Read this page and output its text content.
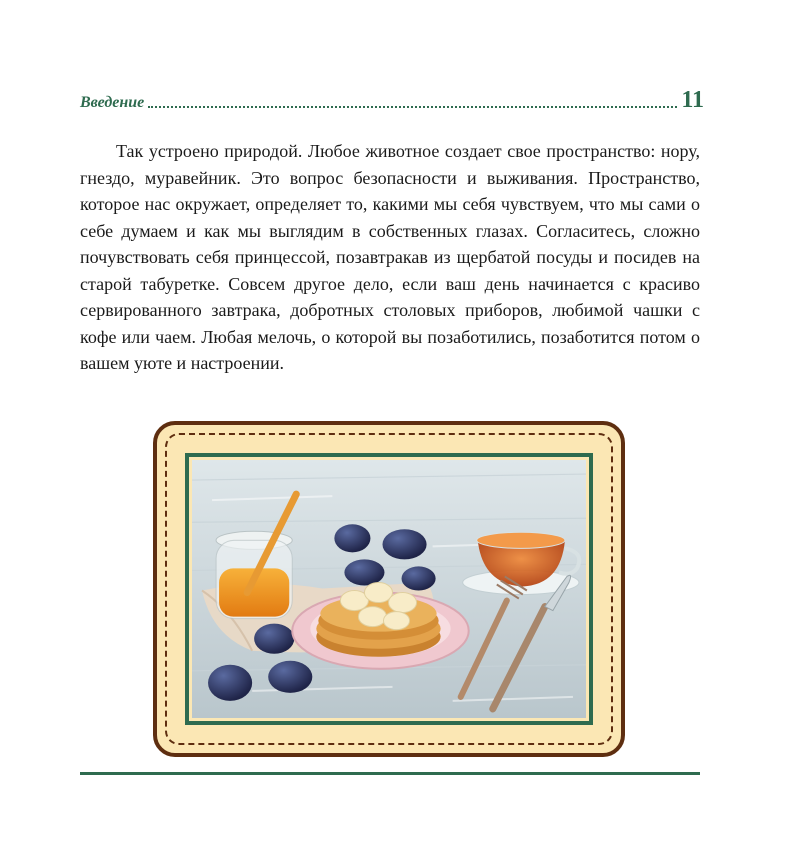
Введение	11

Так устроено природой. Любое животное создает свое пространство: нору, гнездо, муравейник. Это вопрос безопасности и выживания. Пространство, которое нас окружает, определяет то, какими мы себя чувствуем, что мы сами о себе думаем и как мы выглядим в собственных глазах. Согласитесь, сложно почувствовать себя принцессой, позавтракав из щербатой посуды и посидев на старой табуретке. Совсем другое дело, если ваш день начинается с красиво сервированного завтрака, добротных столовых приборов, любимой чашки с кофе или чаем. Любая мелочь, о которой вы позаботились, позаботится потом о вашем уюте и настроении.
